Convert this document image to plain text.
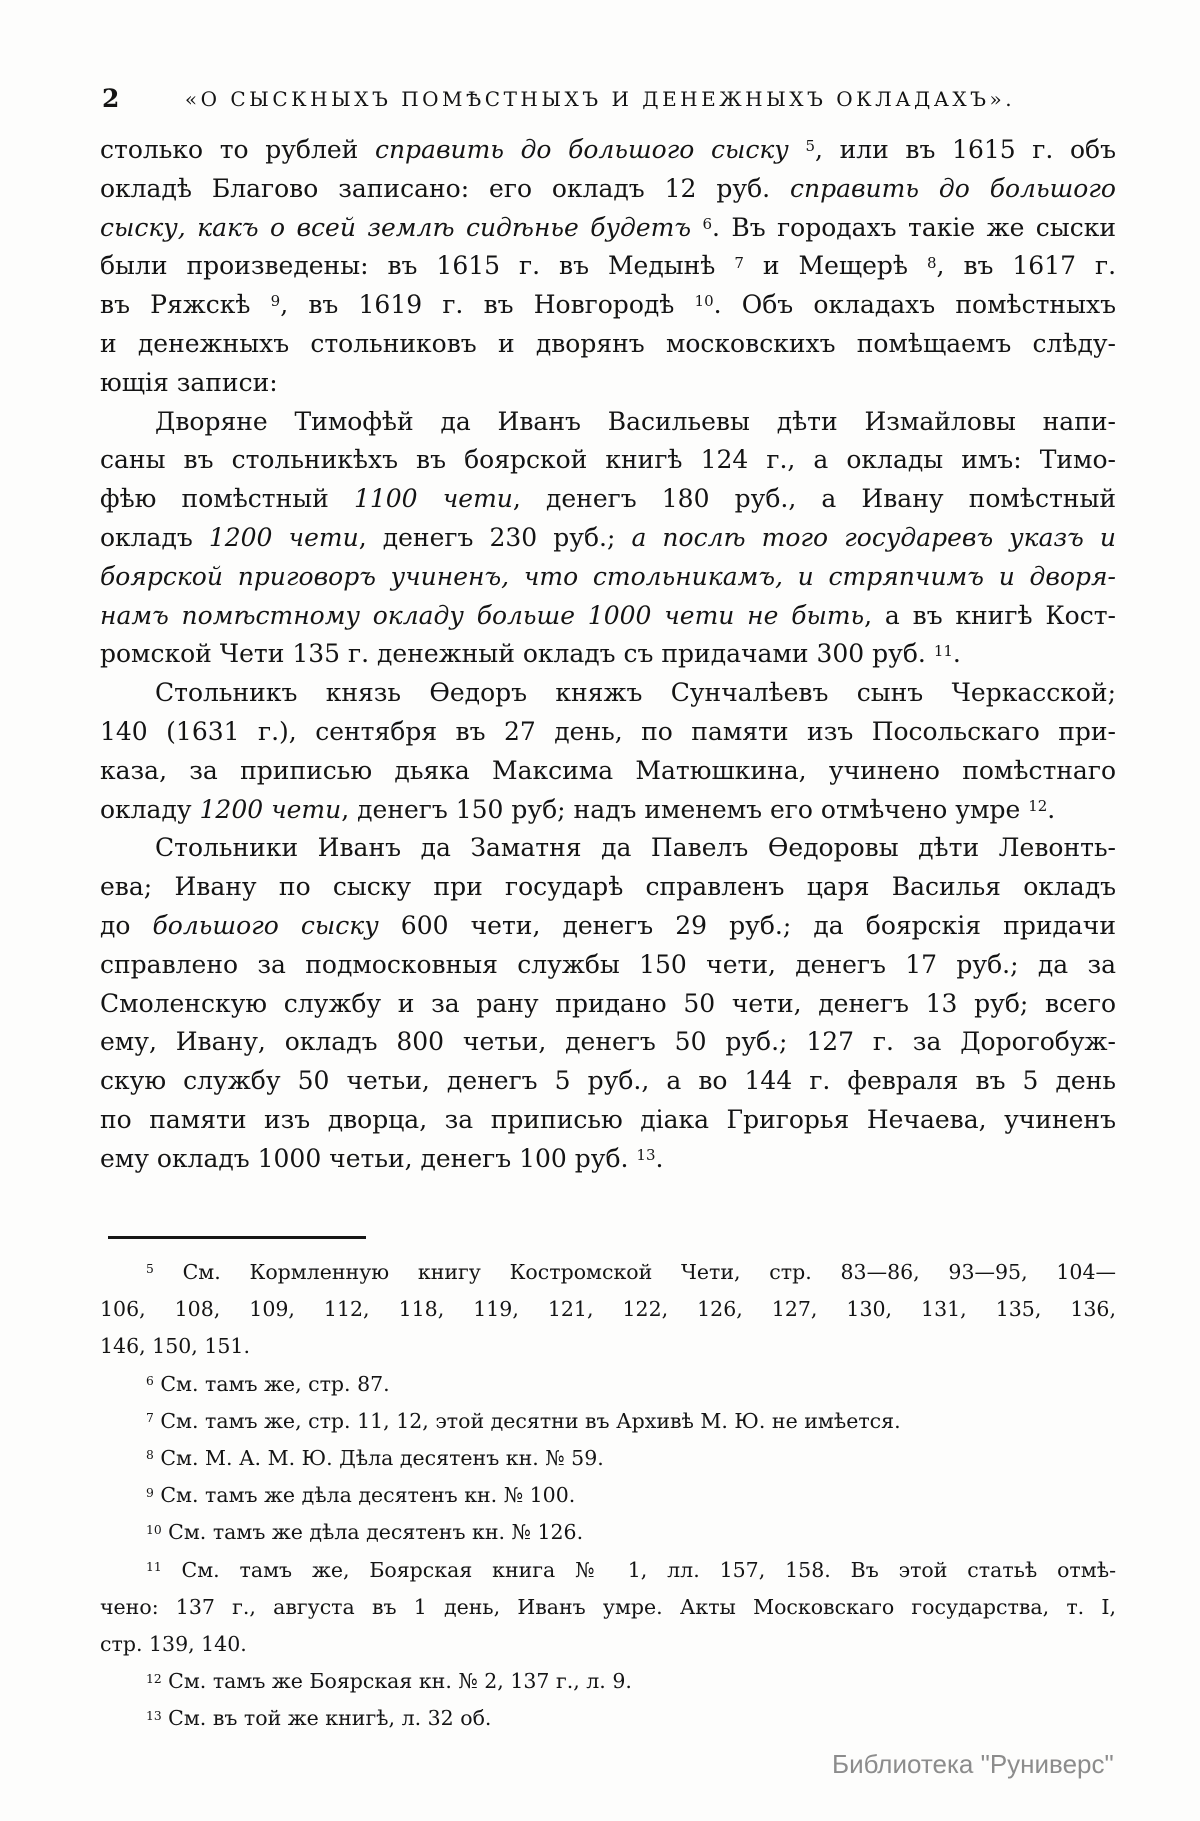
2	«О СЫСКНЫХЪ ПОМѢСТНЫХЪ И ДЕНЕЖНЫХЪ ОКЛАДАХЪ».
столько то рублей справить до большого сыску $^5$, или въ 1615 г. объ
окладѣ Благово записано: его окладъ 12 руб. справить до большого
сыску, какъ о всей землѣ сидѣнье будетъ $^6$. Въ городахъ такіе же сыски
были произведены: въ 1615 г. въ Медынѣ $^7$ и Мещерѣ $^8$, въ 1617 г.
въ Ряжскѣ $^9$, въ 1619 г. въ Новгородѣ $^{10}$. Объ окладахъ помѣстныхъ
и денежныхъ стольниковъ и дворянъ московскихъ помѣщаемъ слѣду-
ющія записи:
Дворяне Тимофѣй да Иванъ Васильевы дѣти Измайловы напи-
саны въ стольникѣхъ въ боярской книгѣ 124 г., а оклады имъ: Тимо-
фѣю помѣстный 1100 чети, денегъ 180 руб., а Ивану помѣстный
окладъ 1200 чети, денегъ 230 руб.; а послѣ того государевъ указъ и
боярской приговоръ учиненъ, что стольникамъ, и стряпчимъ и дворя-
намъ помѣстному окладу больше 1000 чети не быть, а въ книгѣ Кост-
ромской Чети 135 г. денежный окладъ съ придачами 300 руб. $^{11}$.
Стольникъ князь Ѳедоръ княжъ Сунчалѣевъ сынъ Черкасской;
140 (1631 г.), сентября въ 27 день, по памяти изъ Посольскаго при-
каза, за приписью дьяка Максима Матюшкина, учинено помѣстнаго
окладу 1200 чети, денегъ 150 руб; надъ именемъ его отмѣчено умре $^{12}$.
Стольники Иванъ да Заматня да Павелъ Ѳедоровы дѣти Левонть-
ева; Ивану по сыску при государѣ справленъ царя Василья окладъ
до большого сыску 600 чети, денегъ 29 руб.; да боярскія придачи
справлено за подмосковныя службы 150 чети, денегъ 17 руб.; да за
Смоленскую службу и за рану придано 50 чети, денегъ 13 руб; всего
ему, Ивану, окладъ 800 четьи, денегъ 50 руб.; 127 г. за Дорогобуж-
скую службу 50 четьи, денегъ 5 руб., а во 144 г. февраля въ 5 день
по памяти изъ дворца, за приписью діака Григорья Нечаева, учиненъ
ему окладъ 1000 четьи, денегъ 100 руб. $^{13}$.
$^5$ См. Кормленную книгу Костромской Чети, стр. 83—86, 93—95, 104—
106, 108, 109, 112, 118, 119, 121, 122, 126, 127, 130, 131, 135, 136,
146, 150, 151.
$^6$ См. тамъ же, стр. 87.
$^7$ См. тамъ же, стр. 11, 12, этой десятни въ Архивѣ М. Ю. не имѣется.
$^8$ См. М. А. М. Ю. Дѣла десятенъ кн. № 59.
$^9$ См. тамъ же дѣла десятенъ кн. № 100.
$^{10}$ См. тамъ же дѣла десятенъ кн. № 126.
$^{11}$ См. тамъ же, Боярская книга № 1, лл. 157, 158. Въ этой статьѣ отмѣ-
чено: 137 г., августа въ 1 день, Иванъ умре. Акты Московскаго государства, т. I,
стр. 139, 140.
$^{12}$ См. тамъ же Боярская кн. № 2, 137 г., л. 9.
$^{13}$ См. въ той же книгѣ, л. 32 об.
Библиотека "Руниверс"
